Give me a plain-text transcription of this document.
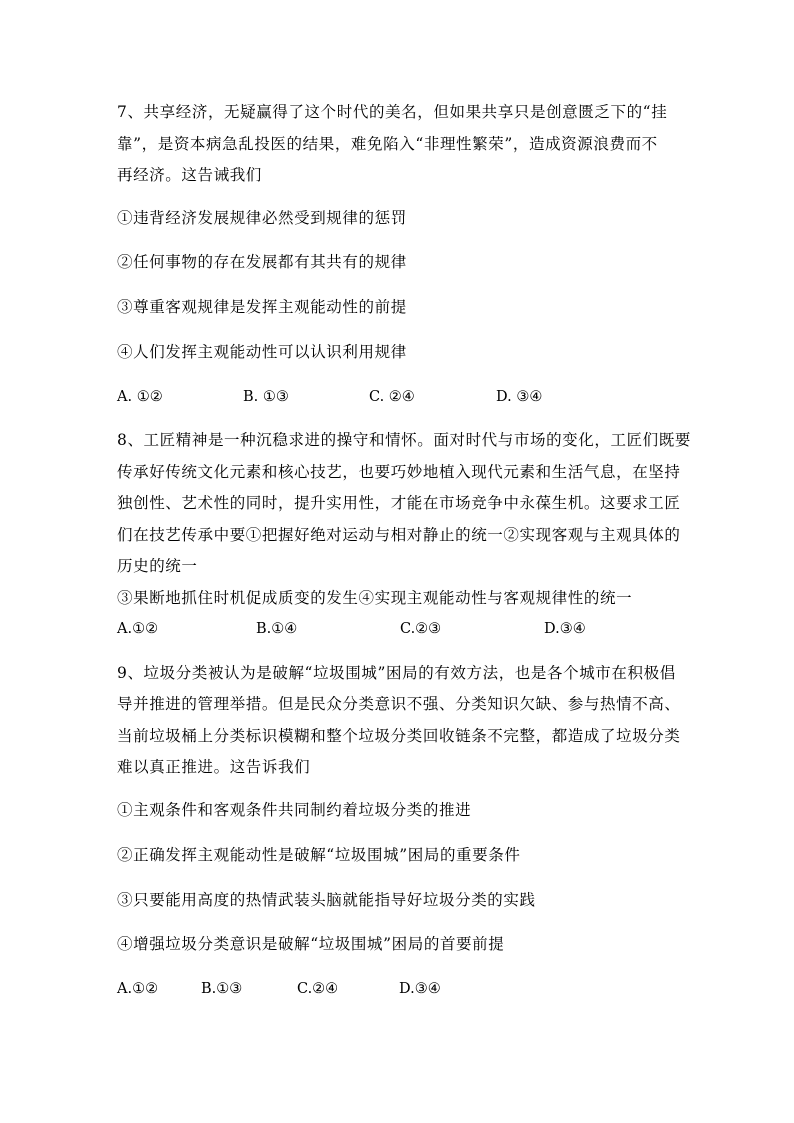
7、共享经济，无疑赢得了这个时代的美名，但如果共享只是创意匮乏下的“挂
靠”，是资本病急乱投医的结果，难免陷入“非理性繁荣”，造成资源浪费而不
再经济。这告诫我们
①违背经济发展规律必然受到规律的惩罚
②任何事物的存在发展都有其共有的规律
③尊重客观规律是发挥主观能动性的前提
④人们发挥主观能动性可以认识利用规律
A. ①②	B. ①③	C. ②④	D. ③④
8、工匠精神是一种沉稳求进的操守和情怀。面对时代与市场的变化，工匠们既要
传承好传统文化元素和核心技艺，也要巧妙地植入现代元素和生活气息，在坚持
独创性、艺术性的同时，提升实用性，才能在市场竞争中永葆生机。这要求工匠
们在技艺传承中要①把握好绝对运动与相对静止的统一②实现客观与主观具体的
历史的统一
③果断地抓住时机促成质变的发生④实现主观能动性与客观规律性的统一
A.①②	B.①④	C.②③	D.③④
9、垃圾分类被认为是破解“垃圾围城”困局的有效方法，也是各个城市在积极倡
导并推进的管理举措。但是民众分类意识不强、分类知识欠缺、参与热情不高、
当前垃圾桶上分类标识模糊和整个垃圾分类回收链条不完整，都造成了垃圾分类
难以真正推进。这告诉我们
①主观条件和客观条件共同制约着垃圾分类的推进
②正确发挥主观能动性是破解“垃圾围城”困局的重要条件
③只要能用高度的热情武装头脑就能指导好垃圾分类的实践
④增强垃圾分类意识是破解“垃圾围城”困局的首要前提
A.①②	B.①③	C.②④	D.③④
